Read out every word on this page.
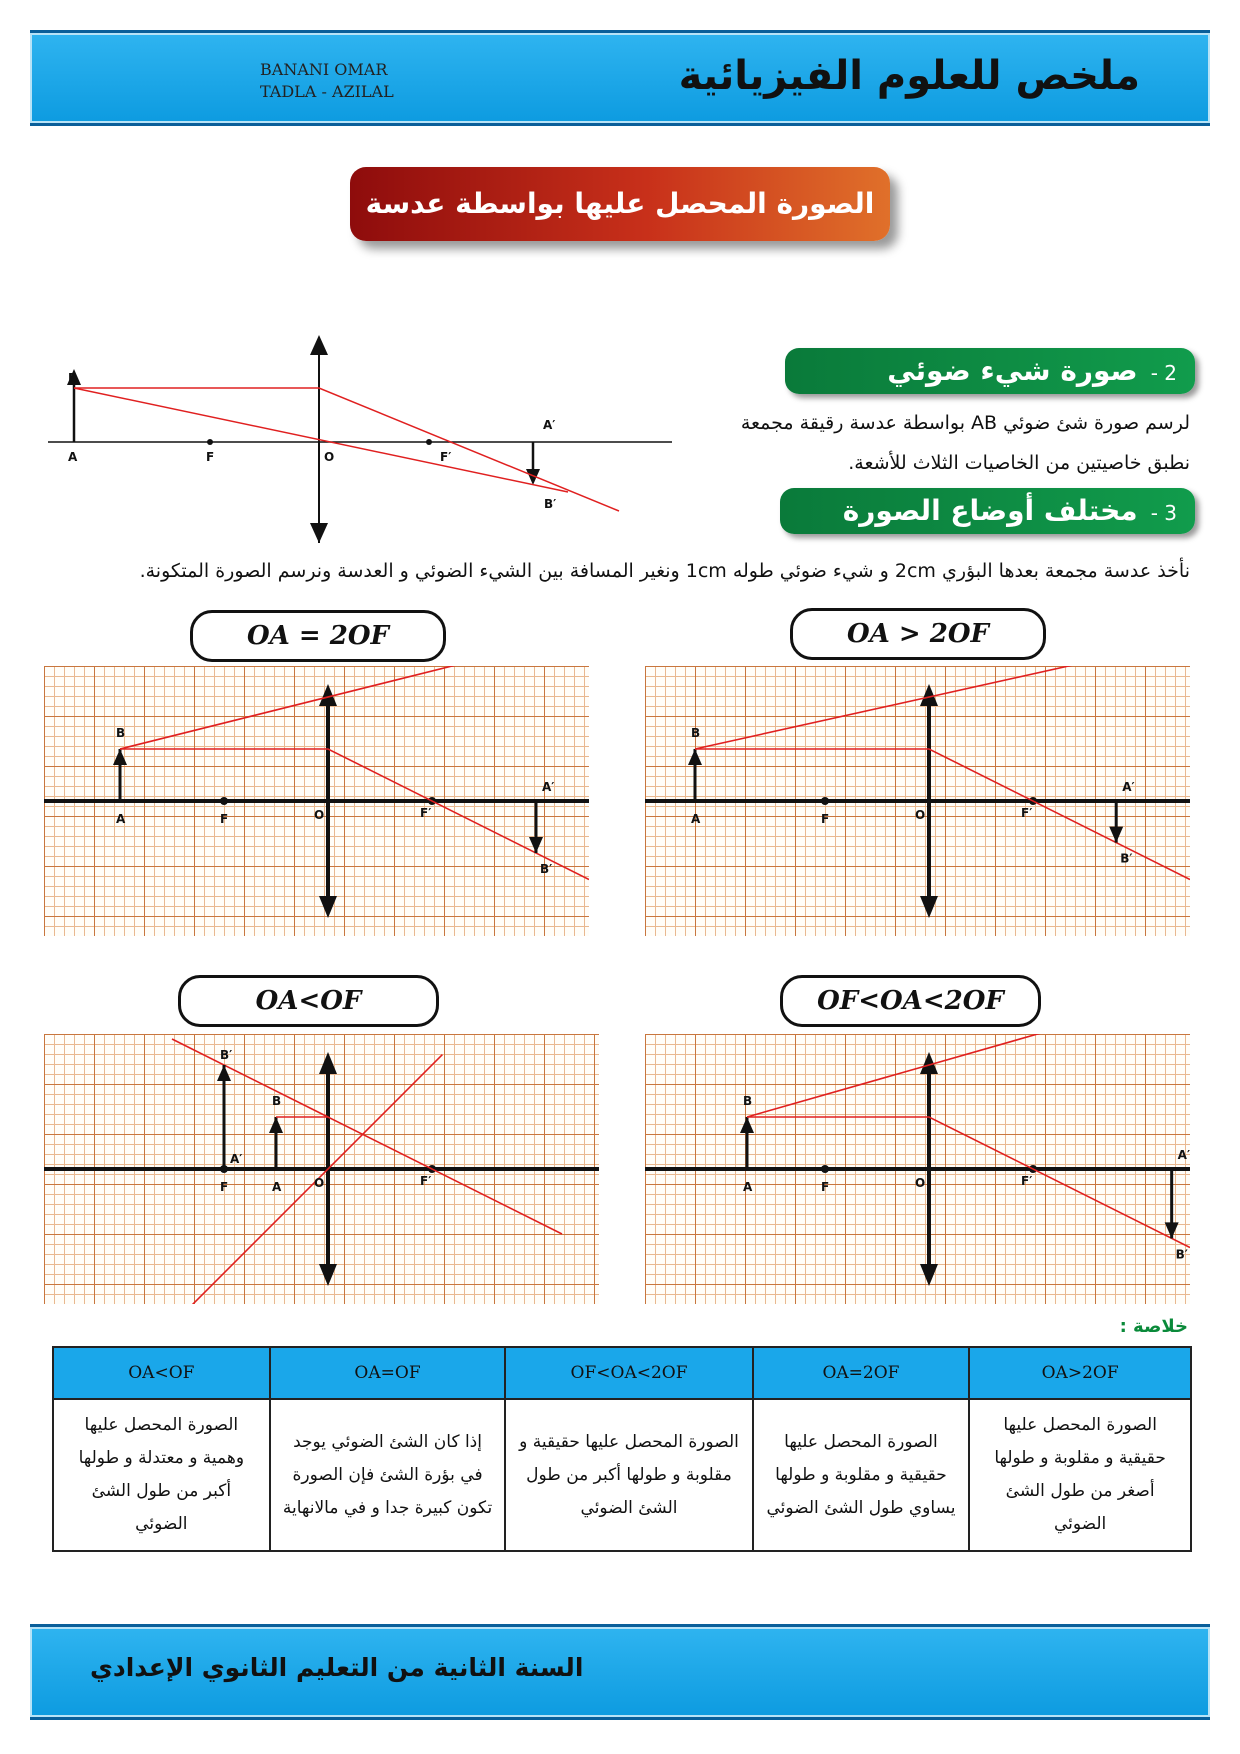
BANANI OMAR
TADLA - AZILAL	ملخص للعلوم الفيزيائية
الصورة المحصل عليها بواسطة عدسة مجمعة
B
A	F	O	F′
A′
B′
2 - صورة شيء ضوئي
لرسم صورة شئ ضوئي AB بواسطة عدسة رقيقة مجمعة
نطبق خاصيتين من الخاصيات الثلاث للأشعة.
3 - مختلف أوضاع الصورة
نأخذ عدسة مجمعة بعدها البؤري 2cm و شيء ضوئي طوله 1cm ونغير المسافة بين الشيء الضوئي و العدسة ونرسم الصورة المتكونة.
OA > 2OF
OA = 2OF
OF<OA<2OF
OA<OF
A′
B′
B
A	F	O	F′
A′
B′
B
A	F	O	F′
A′
B′
B
A	F	O	F′
A′
B′
B
A
F	O	F′
خلاصة :
OA<OF	OA=OF	OF<OA<2OF	OA=2OF	OA>2OF
الصورة المحصل عليها وهمية و معتدلة و طولها أكبر من طول الشئ الضوئي	إذا كان الشئ الضوئي يوجد في بؤرة الشئ فإن الصورة تكون كبيرة جدا و في مالانهاية	الصورة المحصل عليها حقيقية و مقلوبة و طولها أكبر من طول الشئ الضوئي	الصورة المحصل عليها حقيقية و مقلوبة و طولها يساوي طول الشئ الضوئي	الصورة المحصل عليها حقيقية و مقلوبة و طولها أصغر من طول الشئ الضوئي
السنة الثانية من التعليم الثانوي الإعدادي
